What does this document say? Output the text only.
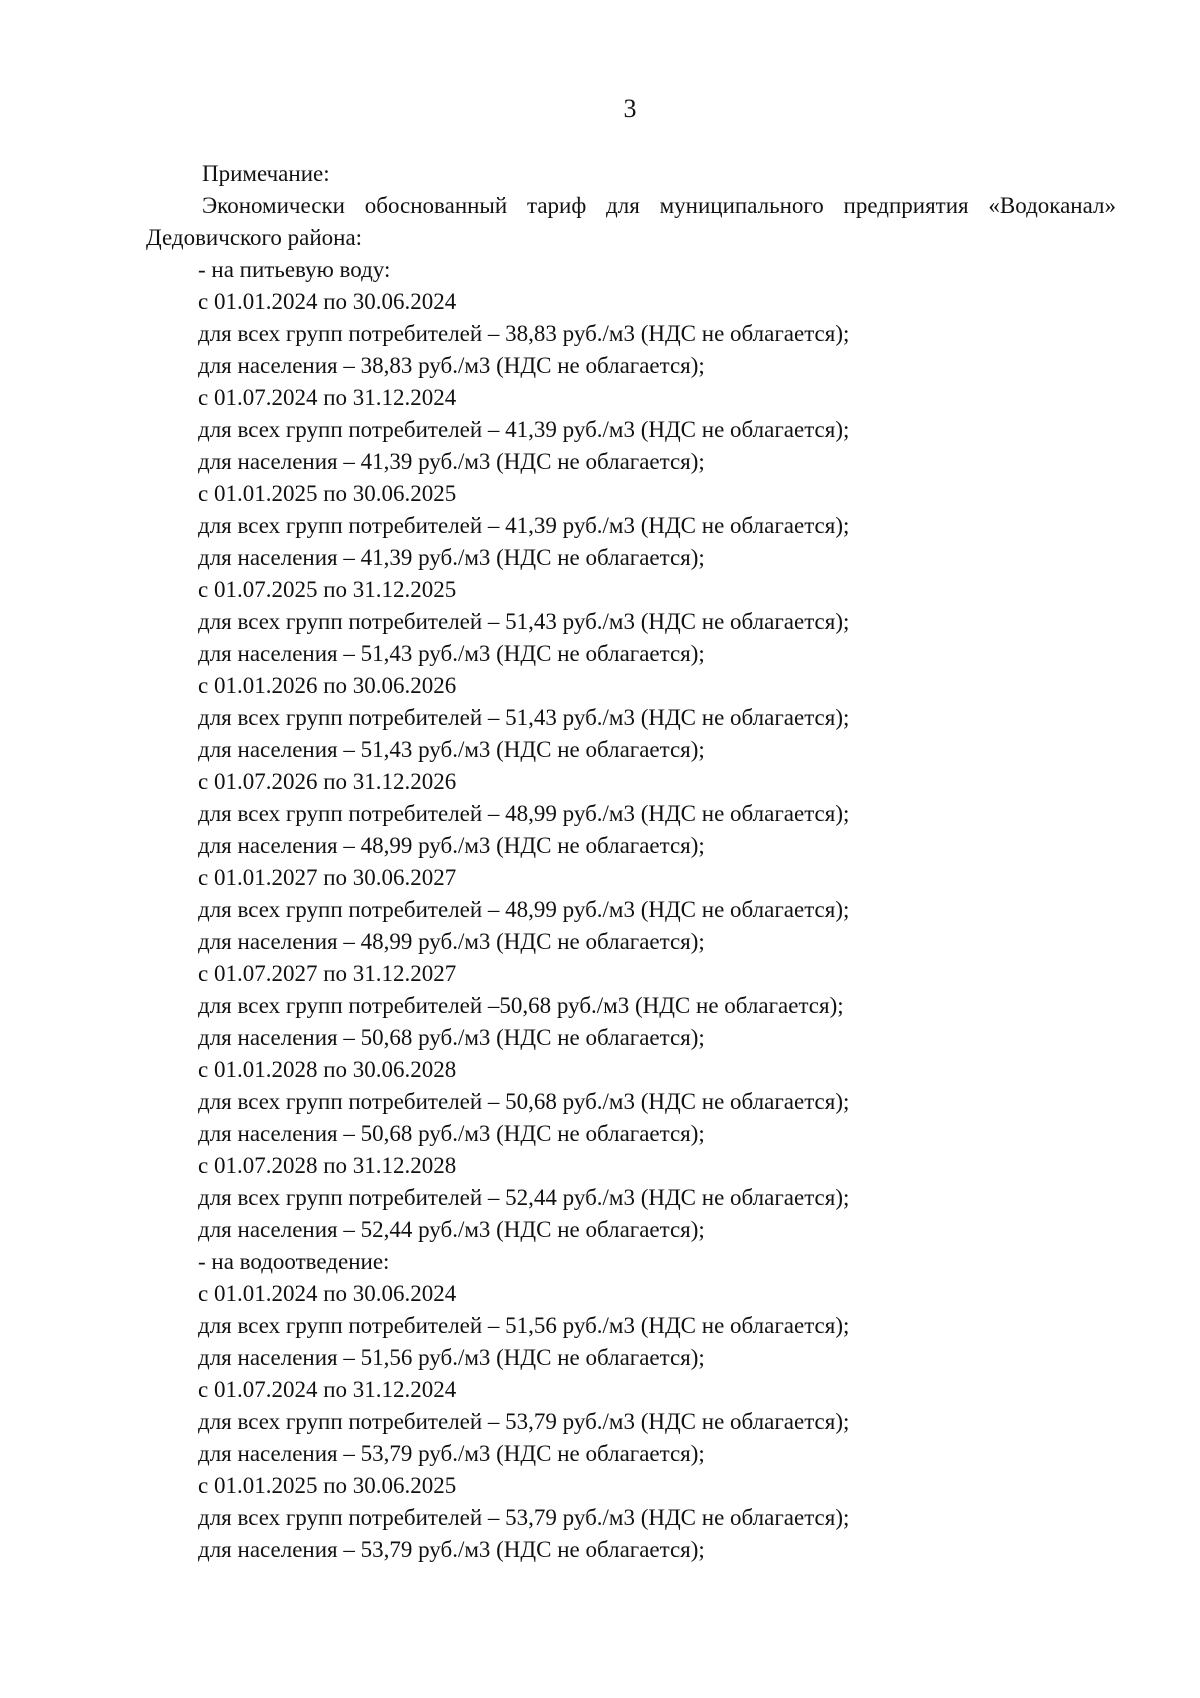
3
Примечание:
Экономически обоснованный тариф для муниципального предприятия «Водоканал»
Дедовичского района:
- на питьевую воду:
с 01.01.2024 по 30.06.2024
для всех групп потребителей – 38,83 руб./м3 (НДС не облагается);
для населения – 38,83 руб./м3 (НДС не облагается);
с 01.07.2024 по 31.12.2024
для всех групп потребителей – 41,39 руб./м3 (НДС не облагается);
для населения – 41,39 руб./м3 (НДС не облагается);
с 01.01.2025 по 30.06.2025
для всех групп потребителей – 41,39 руб./м3 (НДС не облагается);
для населения – 41,39 руб./м3 (НДС не облагается);
с 01.07.2025 по 31.12.2025
для всех групп потребителей – 51,43 руб./м3 (НДС не облагается);
для населения – 51,43 руб./м3 (НДС не облагается);
с 01.01.2026 по 30.06.2026
для всех групп потребителей – 51,43 руб./м3 (НДС не облагается);
для населения – 51,43 руб./м3 (НДС не облагается);
с 01.07.2026 по 31.12.2026
для всех групп потребителей – 48,99 руб./м3 (НДС не облагается);
для населения – 48,99 руб./м3 (НДС не облагается);
с 01.01.2027 по 30.06.2027
для всех групп потребителей – 48,99 руб./м3 (НДС не облагается);
для населения – 48,99 руб./м3 (НДС не облагается);
с 01.07.2027 по 31.12.2027
для всех групп потребителей –50,68 руб./м3 (НДС не облагается);
для населения – 50,68 руб./м3 (НДС не облагается);
с 01.01.2028 по 30.06.2028
для всех групп потребителей – 50,68 руб./м3 (НДС не облагается);
для населения – 50,68 руб./м3 (НДС не облагается);
с 01.07.2028 по 31.12.2028
для всех групп потребителей – 52,44 руб./м3 (НДС не облагается);
для населения – 52,44 руб./м3 (НДС не облагается);
- на водоотведение:
с 01.01.2024 по 30.06.2024
для всех групп потребителей – 51,56 руб./м3 (НДС не облагается);
для населения – 51,56 руб./м3 (НДС не облагается);
с 01.07.2024 по 31.12.2024
для всех групп потребителей – 53,79 руб./м3 (НДС не облагается);
для населения – 53,79 руб./м3 (НДС не облагается);
с 01.01.2025 по 30.06.2025
для всех групп потребителей – 53,79 руб./м3 (НДС не облагается);
для населения – 53,79 руб./м3 (НДС не облагается);
